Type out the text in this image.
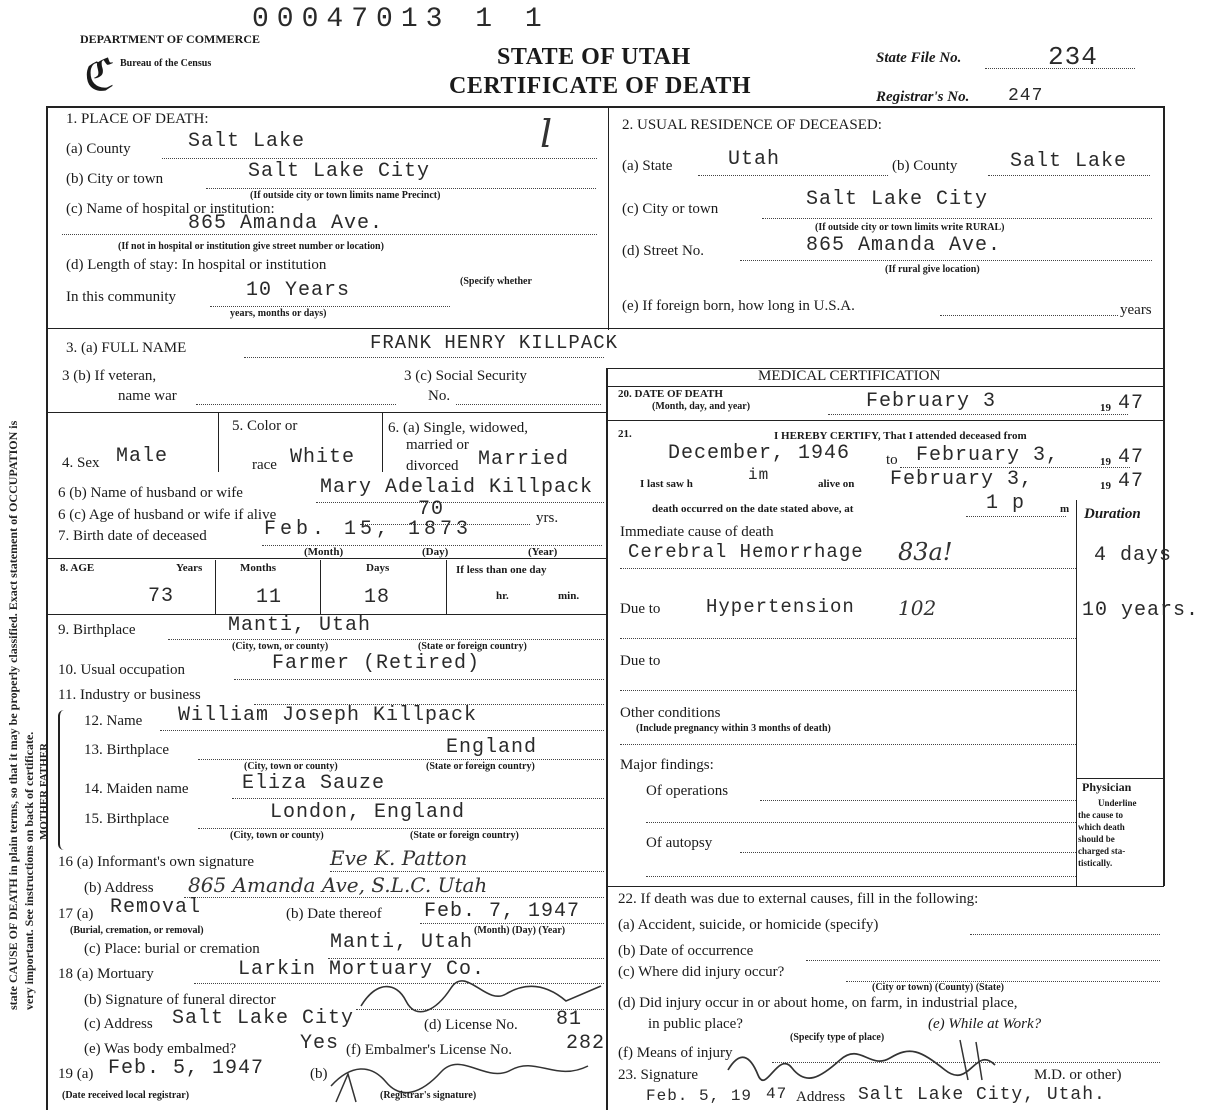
state CAUSE OF DEATH in plain terms, so that it may be properly classified. Exact statement of OCCUPATION is very important. See instructions on back of certificate. MOTHER FATHER
00047013 1 1
DEPARTMENT OF COMMERCE
Bureau of the Census
ℭ	STATE OF UTAH
CERTIFICATE OF DEATH
State File No.	234
Registrar's No. 247
1. PLACE OF DEATH:
(a) County	Salt Lake	l
(b) City or town	Salt Lake City
(If outside city or town limits name Precinct)
(c) Name of hospital or institution:
865 Amanda Ave.
(If not in hospital or institution give street number or location)
(d) Length of stay: In hospital or institution
(Specify whether
In this community	10 Years
years, months or days)
2. USUAL RESIDENCE OF DECEASED:
(a) State	Utah	(b) County	Salt Lake
(c) City or town	Salt Lake City
(If outside city or town limits write RURAL)
(d) Street No.	865 Amanda Ave.
(If rural give location)
(e) If foreign born, how long in U.S.A.	years
3. (a) FULL NAME	FRANK HENRY KILLPACK
3 (b) If veteran,
name war
3 (c) Social Security
No.
4. Sex Male
5. Color or
race White
6. (a) Single, widowed,
married or
divorced Married
6 (b) Name of husband or wife	Mary Adelaid Killpack
6 (c) Age of husband or wife if alive	70	yrs.
7. Birth date of deceased	Feb. 15, 1873
(Month)	(Day)	(Year)
8. AGE	Years	Months	Days	If less than one day
73	11	18	hr.	min.
9. Birthplace	Manti, Utah
(City, town, or county)	(State or foreign country)
10. Usual occupation	Farmer (Retired)
11. Industry or business
12. Name William Joseph Killpack
13. Birthplace	England
(City, town or county)	(State or foreign country)
14. Maiden name	Eliza Sauze
15. Birthplace	London, England
(City, town or county)	(State or foreign country)
16 (a) Informant's own signature	Eve K. Patton
(b) Address 865 Amanda Ave, S.L.C. Utah
17 (a) Removal
(Burial, cremation, or removal)
(b) Date thereof Feb. 7, 1947
(Month) (Day) (Year)
(c) Place: burial or cremation	Manti, Utah
18 (a) Mortuary	Larkin Mortuary Co.
(b) Signature of funeral director
(c) Address Salt Lake City	(d) License No. 81
(e) Was body embalmed?	Yes (f) Embalmer's License No.	282
19 (a) Feb. 5, 1947	(b)
(Date received local registrar)	(Registrar's signature)
MEDICAL CERTIFICATION
20. DATE OF DEATH
(Month, day, and year)	February 3	19 47
21.	I HEREBY CERTIFY, That I attended deceased from
December, 1946 to February 3,	19 47
I last saw h	im	alive on February 3,	19 47
death occurred on the date stated above, at	1 p	m Duration
Immediate cause of death
Cerebral Hemorrhage 83a!	4 days
Due to Hypertension 102	10 years.
Due to
Other conditions
(Include pregnancy within 3 months of death)
Major findings:
Of operations
Of autopsy
Physician
Underline
the cause to
which death
should be
charged sta-
tistically.
22. If death was due to external causes, fill in the following:
(a) Accident, suicide, or homicide (specify)
(b) Date of occurrence
(c) Where did injury occur?
(City or town) (County) (State)
(d) Did injury occur in or about home, on farm, in industrial place,
in public place?
(Specify type of place)
(e) While at Work?
(f) Means of injury
23. Signature	M.D. or other)
Feb. 5, 19 47 Address Salt Lake City, Utah.
